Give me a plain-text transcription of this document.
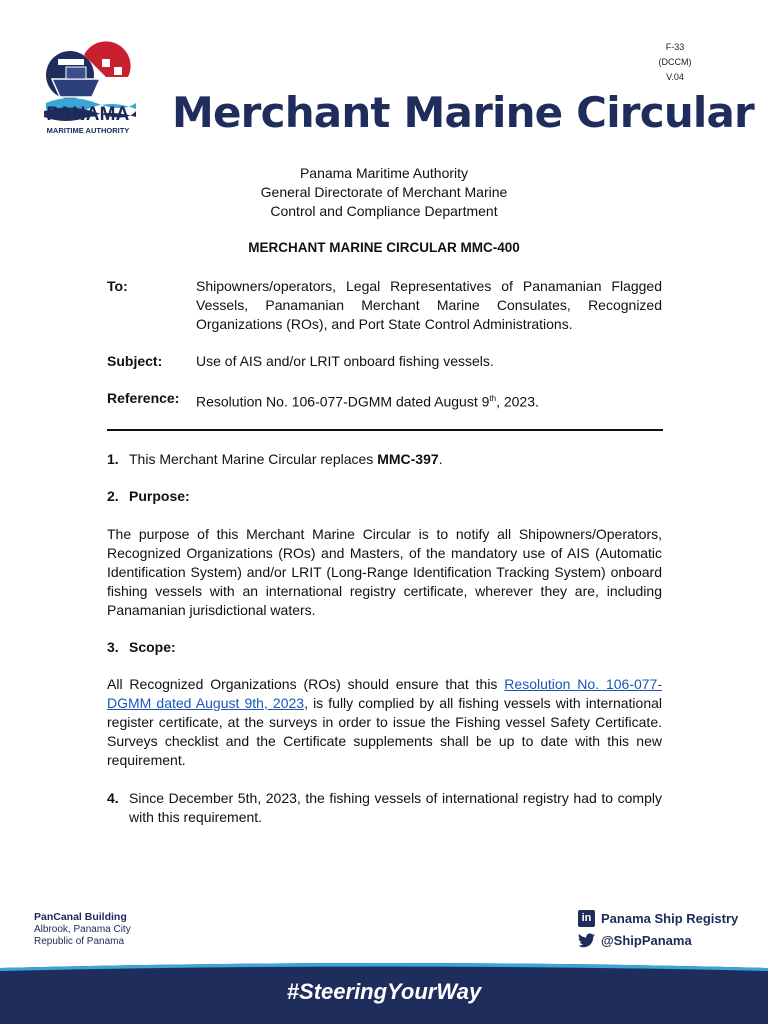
PANAMA
MARITIME AUTHORITY
F-33
(DCCM)
V.04
Merchant Marine Circular
Panama Maritime Authority
General Directorate of Merchant Marine
Control and Compliance Department
MERCHANT MARINE CIRCULAR MMC-400
To:	Shipowners/operators, Legal Representatives of Panamanian Flagged Vessels, Panamanian Merchant Marine Consulates, Recognized Organizations (ROs), and Port State Control Administrations.
Subject: Use of AIS and/or LRIT onboard fishing vessels.
Reference: Resolution No. 106-077-DGMM dated August 9th, 2023.
1. This Merchant Marine Circular replaces MMC-397.
2. Purpose:
The purpose of this Merchant Marine Circular is to notify all Shipowners/Operators, Recognized Organizations (ROs) and Masters, of the mandatory use of AIS (Automatic Identification System) and/or LRIT (Long-Range Identification Tracking System) onboard fishing vessels with an international registry certificate, wherever they are, including Panamanian jurisdictional waters.
3. Scope:
All Recognized Organizations (ROs) should ensure that this Resolution No. 106-077-DGMM dated August 9th, 2023, is fully complied by all fishing vessels with international register certificate, at the surveys in order to issue the Fishing vessel Safety Certificate. Surveys checklist and the Certificate supplements shall be up to date with this new requirement.
4. Since December 5th, 2023, the fishing vessels of international registry had to comply with this requirement.
PanCanal Building
Albrook, Panama City
Republic of Panama
in Panama Ship Registry
@ShipPanama
#SteeringYourWay
